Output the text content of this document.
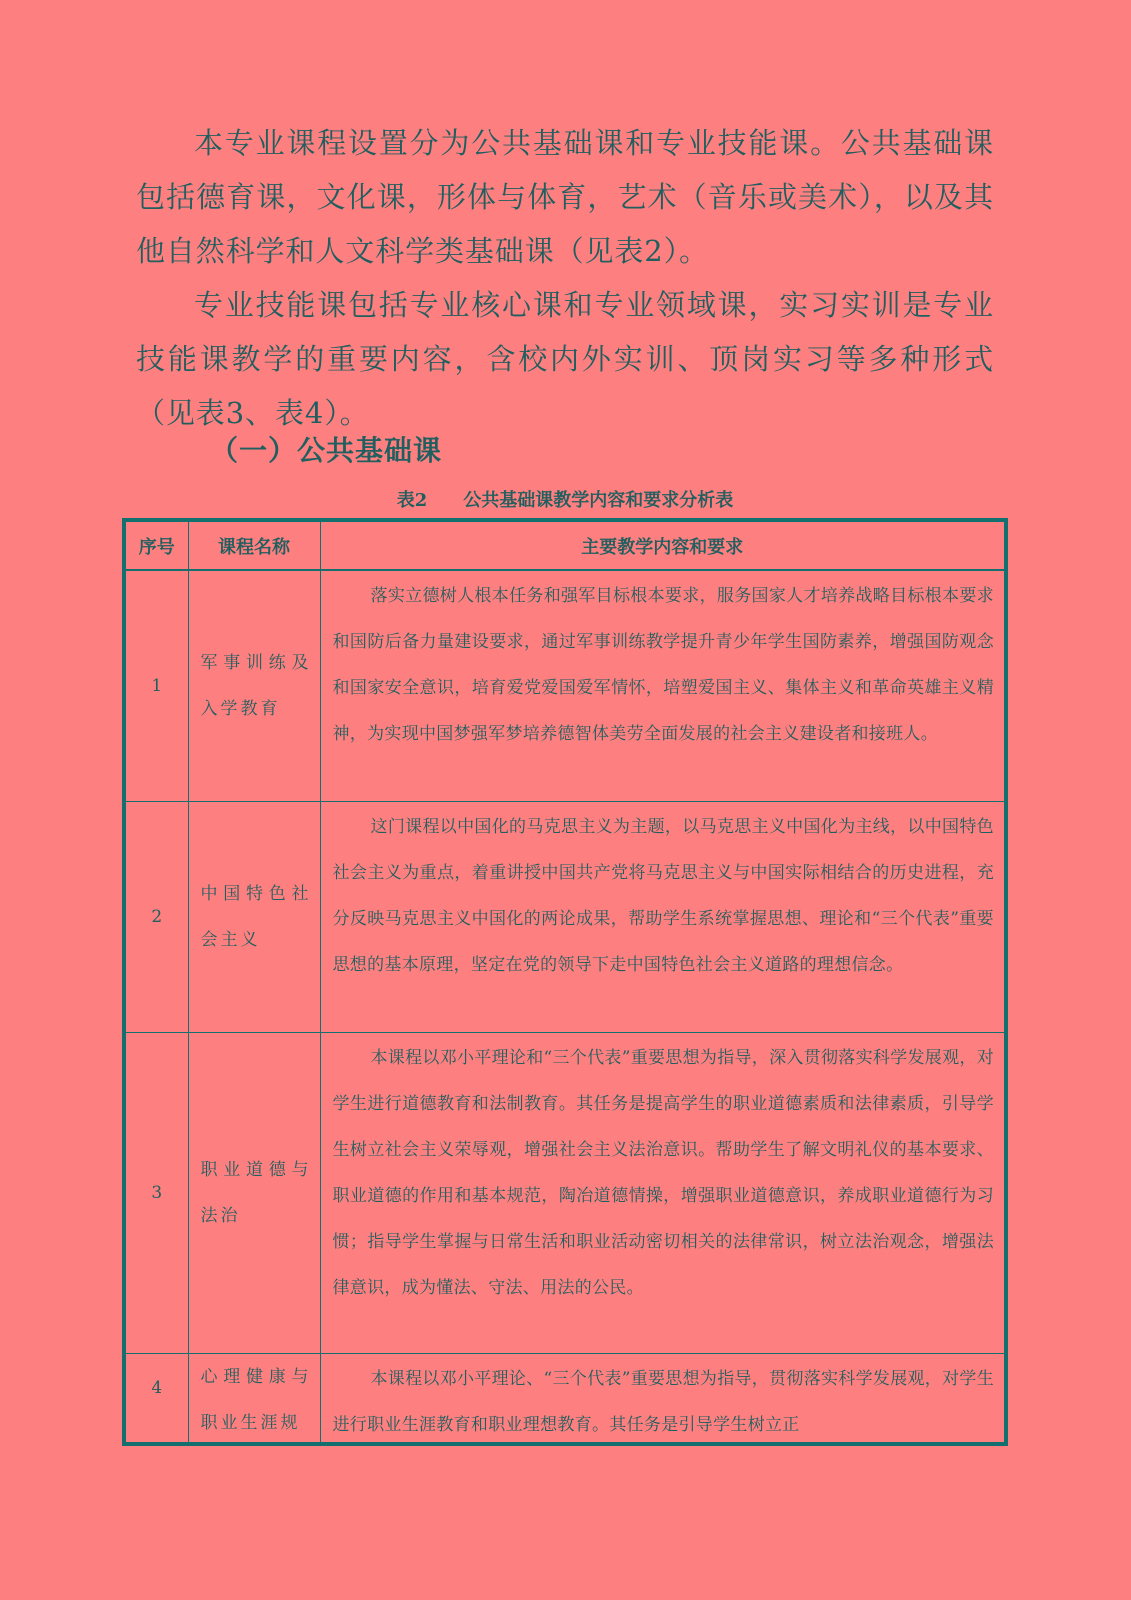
本专业课程设置分为公共基础课和专业技能课。公共基础课包括德育课，文化课，形体与体育，艺术（音乐或美术），以及其他自然科学和人文科学类基础课（见表2）。

专业技能课包括专业核心课和专业领域课，实习实训是专业技能课教学的重要内容，含校内外实训、顶岗实习等多种形式（见表3、表4）。

（一）公共基础课
表2　　公共基础课教学内容和要求分析表
序号	课程名称	主要教学内容和要求
1	军事训练及入学教育	落实立德树人根本任务和强军目标根本要求，服务国家人才培养战略目标根本要求和国防后备力量建设要求，通过军事训练教学提升青少年学生国防素养，增强国防观念和国家安全意识，培育爱党爱国爱军情怀，培塑爱国主义、集体主义和革命英雄主义精神，为实现中国梦强军梦培养德智体美劳全面发展的社会主义建设者和接班人。
2	中国特色社会主义	这门课程以中国化的马克思主义为主题，以马克思主义中国化为主线，以中国特色社会主义为重点，着重讲授中国共产党将马克思主义与中国实际相结合的历史进程，充分反映马克思主义中国化的两论成果，帮助学生系统掌握思想、理论和“三个代表”重要思想的基本原理，坚定在党的领导下走中国特色社会主义道路的理想信念。
3	职业道德与法治	本课程以邓小平理论和“三个代表”重要思想为指导，深入贯彻落实科学发展观，对学生进行道德教育和法制教育。其任务是提高学生的职业道德素质和法律素质，引导学生树立社会主义荣辱观，增强社会主义法治意识。帮助学生了解文明礼仪的基本要求、职业道德的作用和基本规范，陶冶道德情操，增强职业道德意识，养成职业道德行为习惯；指导学生掌握与日常生活和职业活动密切相关的法律常识，树立法治观念，增强法律意识，成为懂法、守法、用法的公民。
4	心理健康与职业生涯规	本课程以邓小平理论、“三个代表”重要思想为指导，贯彻落实科学发展观，对学生进行职业生涯教育和职业理想教育。其任务是引导学生树立正
